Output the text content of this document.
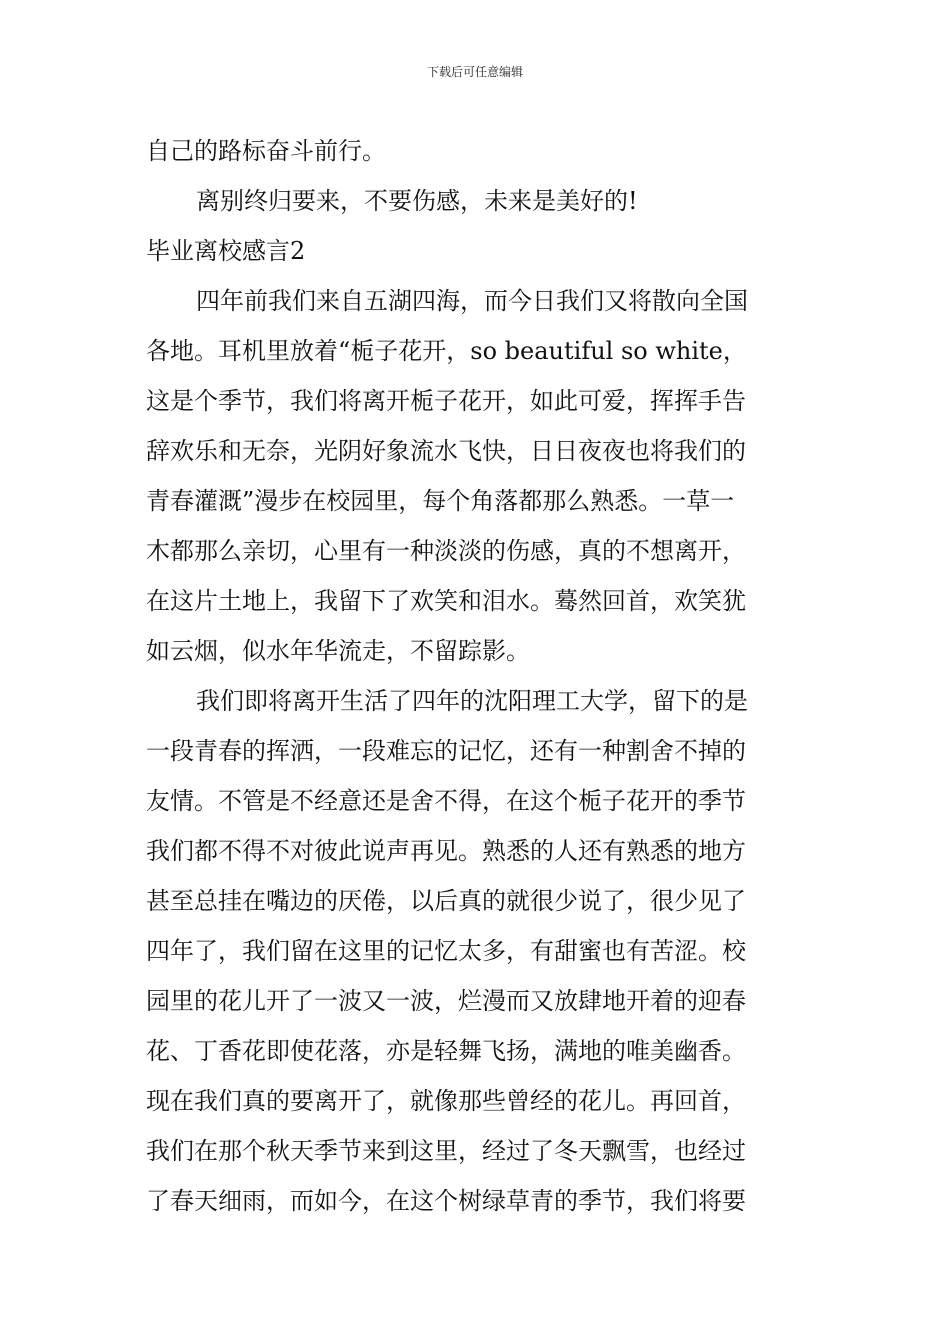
下载后可任意编辑
自己的路标奋斗前行。
离别终归要来，不要伤感，未来是美好的!
毕业离校感言2
四年前我们来自五湖四海，而今日我们又将散向全国
各地。耳机里放着“栀子花开，so beautiful so white，
这是个季节，我们将离开栀子花开，如此可爱，挥挥手告
辞欢乐和无奈，光阴好象流水飞快，日日夜夜也将我们的
青春灌溉”漫步在校园里，每个角落都那么熟悉。一草一
木都那么亲切，心里有一种淡淡的伤感，真的不想离开，
在这片土地上，我留下了欢笑和泪水。蓦然回首，欢笑犹
如云烟，似水年华流走，不留踪影。
我们即将离开生活了四年的沈阳理工大学，留下的是
一段青春的挥洒，一段难忘的记忆，还有一种割舍不掉的
友情。不管是不经意还是舍不得，在这个栀子花开的季节
我们都不得不对彼此说声再见。熟悉的人还有熟悉的地方
甚至总挂在嘴边的厌倦，以后真的就很少说了，很少见了
四年了，我们留在这里的记忆太多，有甜蜜也有苦涩。校
园里的花儿开了一波又一波，烂漫而又放肆地开着的迎春
花、丁香花即使花落，亦是轻舞飞扬，满地的唯美幽香。
现在我们真的要离开了，就像那些曾经的花儿。再回首，
我们在那个秋天季节来到这里，经过了冬天飘雪，也经过
了春天细雨，而如今，在这个树绿草青的季节，我们将要
